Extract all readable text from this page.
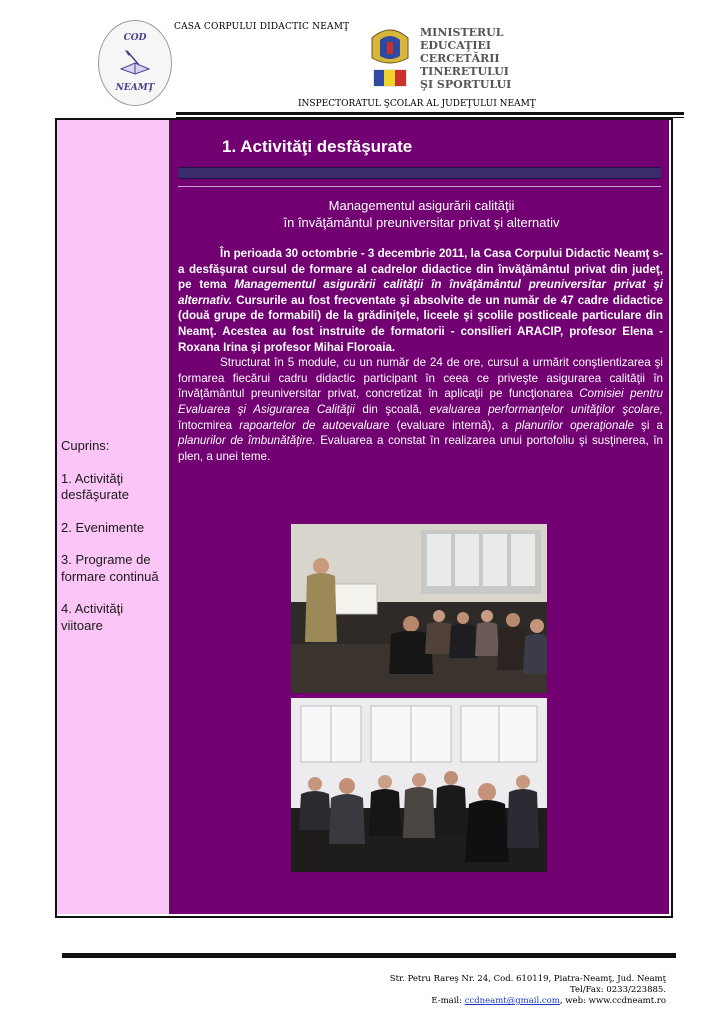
COD
NEAMŢ
CASA CORPULUI DIDACTIC NEAMŢ	MINISTERUL
EDUCAŢIEI
CERCETĂRII
TINERETULUI
ŞI SPORTULUI
INSPECTORATUL ŞCOLAR AL JUDEŢULUI NEAMŢ
1. Activităţi desfăşurate
Managementul asigurării calităţii
în învăţământul preuniversitar privat şi alternativ

În perioada 30 octombrie - 3 decembrie 2011, la Casa Corpului Didactic Neamţ s-a desfăşurat cursul de formare al cadrelor didactice din învăţământul privat din judeţ, pe tema Managementul asigurării calităţii în învăţământul preuniversitar privat şi alternativ. Cursurile au fost frecventate şi absolvite de un număr de 47 cadre didactice (două grupe de formabili) de la grădiniţele, liceele şi şcolile postliceale particulare din Neamţ. Acestea au fost instruite de formatorii - consilieri ARACIP, profesor Elena - Roxana Irina şi profesor Mihai Floroaia.

Structurat în 5 module, cu un număr de 24 de ore, cursul a urmărit conştientizarea şi formarea fiecărui cadru didactic participant în ceea ce priveşte asigurarea calităţii în învăţământul preuniversitar privat, concretizat în aplicaţii pe funcţionarea Comisiei pentru Evaluarea şi Asigurarea Calităţii din şcoală, evaluarea performanţelor unităţilor şcolare, întocmirea rapoartelor de autoevaluare (evaluare internă), a planurilor operaţionale şi a planurilor de îmbunătăţire. Evaluarea a constat în realizarea unui portofoliu şi susţinerea, în plen, a unei teme.

Cuprins:
1. Activităţi desfăşurate
2. Evenimente
3. Programe de formare continuă
4. Activităţi viitoare
Str. Petru Rareş Nr. 24, Cod. 610119, Piatra-Neamţ, Jud. Neamţ
Tel/Fax: 0233/223885.
E-mail: ccdneamt@gmail.com, web: www.ccdneamt.ro
